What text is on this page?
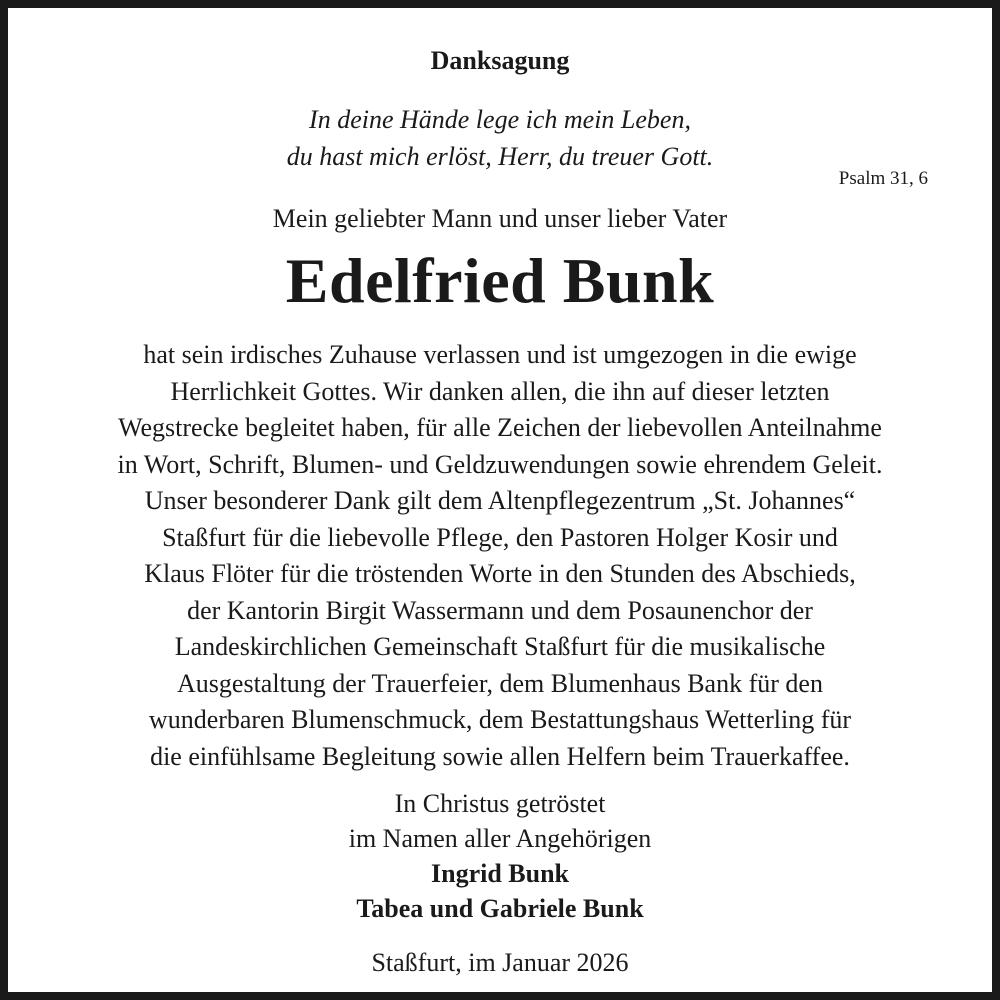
Danksagung
In deine Hände lege ich mein Leben,
du hast mich erlöst, Herr, du treuer Gott.
Psalm 31, 6
Mein geliebter Mann und unser lieber Vater
Edelfried Bunk
hat sein irdisches Zuhause verlassen und ist umgezogen in die ewige
Herrlichkeit Gottes. Wir danken allen, die ihn auf dieser letzten
Wegstrecke begleitet haben, für alle Zeichen der liebevollen Anteilnahme
in Wort, Schrift, Blumen- und Geldzuwendungen sowie ehrendem Geleit.
Unser besonderer Dank gilt dem Altenpflegezentrum „St. Johannes“
Staßfurt für die liebevolle Pflege, den Pastoren Holger Kosir und
Klaus Flöter für die tröstenden Worte in den Stunden des Abschieds,
der Kantorin Birgit Wassermann und dem Posaunenchor der
Landeskirchlichen Gemeinschaft Staßfurt für die musikalische
Ausgestaltung der Trauerfeier, dem Blumenhaus Bank für den
wunderbaren Blumenschmuck, dem Bestattungshaus Wetterling für
die einfühlsame Begleitung sowie allen Helfern beim Trauerkaffee.
In Christus getröstet
im Namen aller Angehörigen
Ingrid Bunk
Tabea und Gabriele Bunk
Staßfurt, im Januar 2026
